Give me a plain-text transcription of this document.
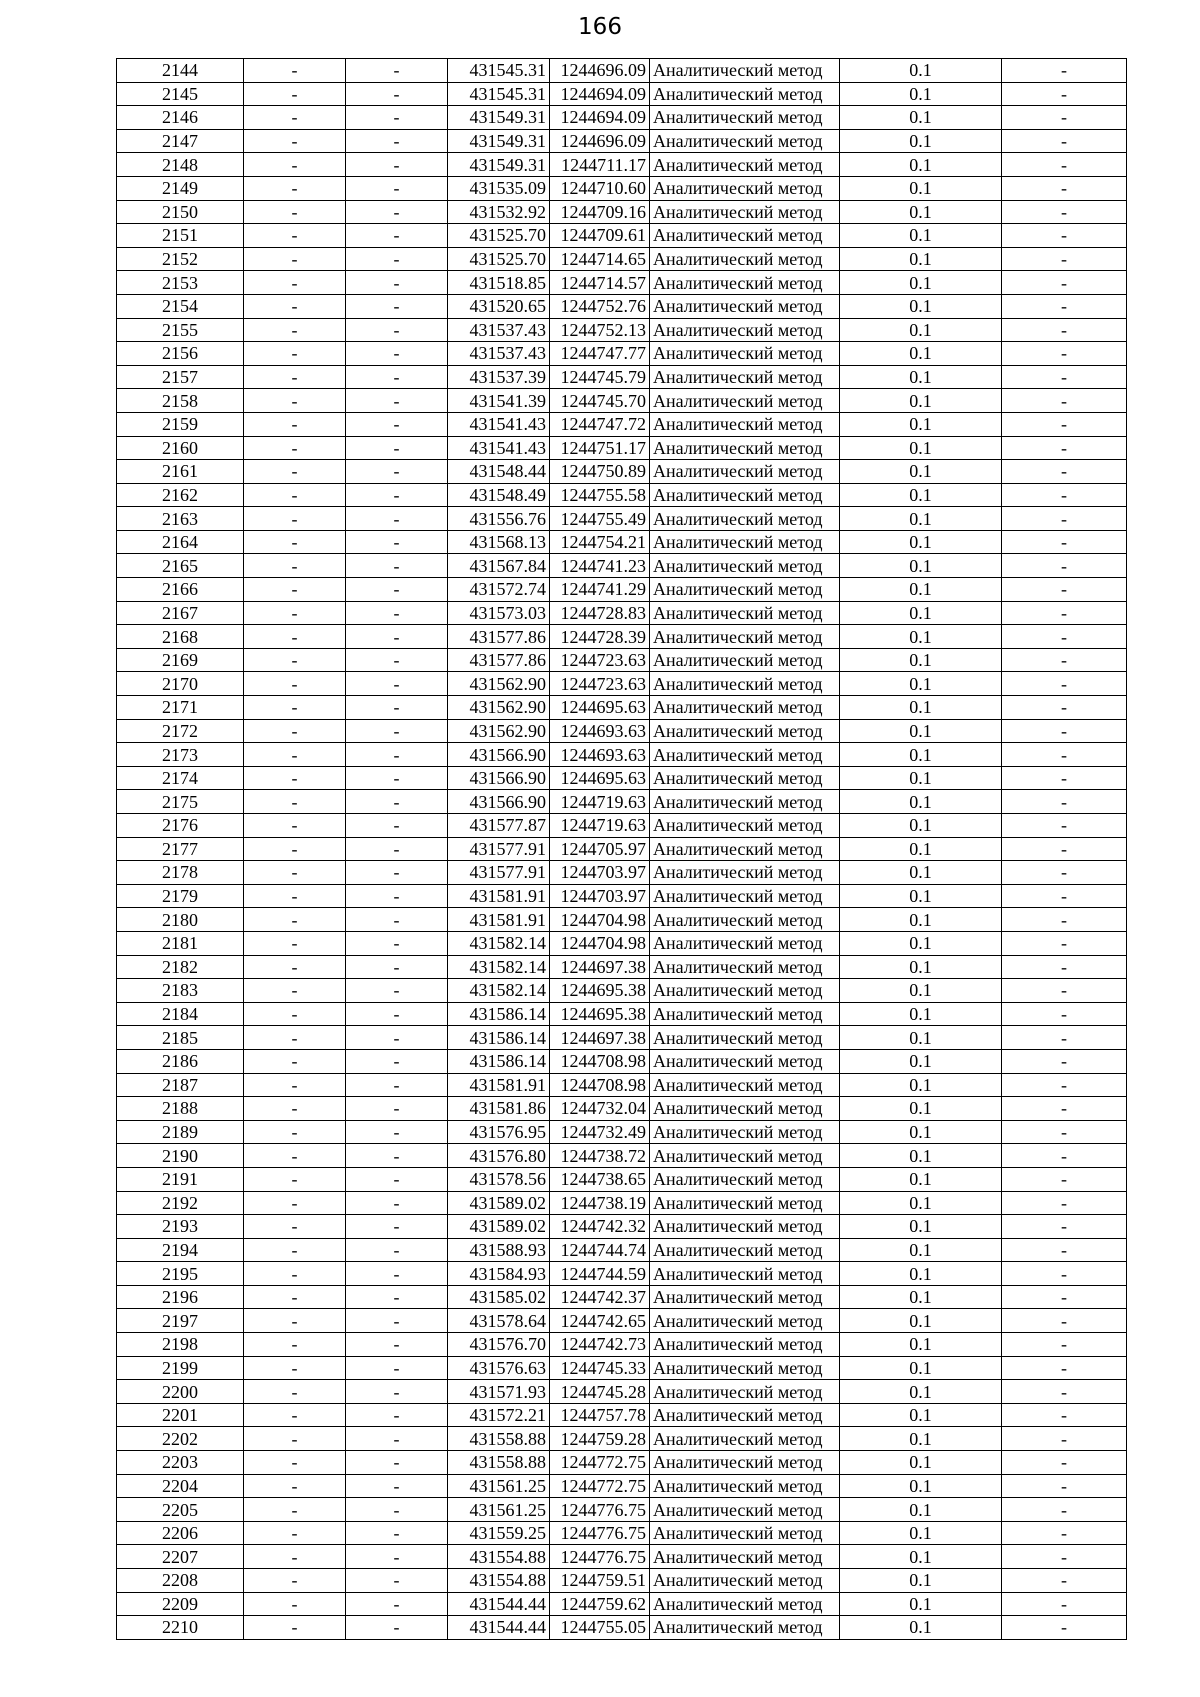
166
2144	-	-	431545.31	1244696.09	Аналитический метод	0.1	-
2145	-	-	431545.31	1244694.09	Аналитический метод	0.1	-
2146	-	-	431549.31	1244694.09	Аналитический метод	0.1	-
2147	-	-	431549.31	1244696.09	Аналитический метод	0.1	-
2148	-	-	431549.31	1244711.17	Аналитический метод	0.1	-
2149	-	-	431535.09	1244710.60	Аналитический метод	0.1	-
2150	-	-	431532.92	1244709.16	Аналитический метод	0.1	-
2151	-	-	431525.70	1244709.61	Аналитический метод	0.1	-
2152	-	-	431525.70	1244714.65	Аналитический метод	0.1	-
2153	-	-	431518.85	1244714.57	Аналитический метод	0.1	-
2154	-	-	431520.65	1244752.76	Аналитический метод	0.1	-
2155	-	-	431537.43	1244752.13	Аналитический метод	0.1	-
2156	-	-	431537.43	1244747.77	Аналитический метод	0.1	-
2157	-	-	431537.39	1244745.79	Аналитический метод	0.1	-
2158	-	-	431541.39	1244745.70	Аналитический метод	0.1	-
2159	-	-	431541.43	1244747.72	Аналитический метод	0.1	-
2160	-	-	431541.43	1244751.17	Аналитический метод	0.1	-
2161	-	-	431548.44	1244750.89	Аналитический метод	0.1	-
2162	-	-	431548.49	1244755.58	Аналитический метод	0.1	-
2163	-	-	431556.76	1244755.49	Аналитический метод	0.1	-
2164	-	-	431568.13	1244754.21	Аналитический метод	0.1	-
2165	-	-	431567.84	1244741.23	Аналитический метод	0.1	-
2166	-	-	431572.74	1244741.29	Аналитический метод	0.1	-
2167	-	-	431573.03	1244728.83	Аналитический метод	0.1	-
2168	-	-	431577.86	1244728.39	Аналитический метод	0.1	-
2169	-	-	431577.86	1244723.63	Аналитический метод	0.1	-
2170	-	-	431562.90	1244723.63	Аналитический метод	0.1	-
2171	-	-	431562.90	1244695.63	Аналитический метод	0.1	-
2172	-	-	431562.90	1244693.63	Аналитический метод	0.1	-
2173	-	-	431566.90	1244693.63	Аналитический метод	0.1	-
2174	-	-	431566.90	1244695.63	Аналитический метод	0.1	-
2175	-	-	431566.90	1244719.63	Аналитический метод	0.1	-
2176	-	-	431577.87	1244719.63	Аналитический метод	0.1	-
2177	-	-	431577.91	1244705.97	Аналитический метод	0.1	-
2178	-	-	431577.91	1244703.97	Аналитический метод	0.1	-
2179	-	-	431581.91	1244703.97	Аналитический метод	0.1	-
2180	-	-	431581.91	1244704.98	Аналитический метод	0.1	-
2181	-	-	431582.14	1244704.98	Аналитический метод	0.1	-
2182	-	-	431582.14	1244697.38	Аналитический метод	0.1	-
2183	-	-	431582.14	1244695.38	Аналитический метод	0.1	-
2184	-	-	431586.14	1244695.38	Аналитический метод	0.1	-
2185	-	-	431586.14	1244697.38	Аналитический метод	0.1	-
2186	-	-	431586.14	1244708.98	Аналитический метод	0.1	-
2187	-	-	431581.91	1244708.98	Аналитический метод	0.1	-
2188	-	-	431581.86	1244732.04	Аналитический метод	0.1	-
2189	-	-	431576.95	1244732.49	Аналитический метод	0.1	-
2190	-	-	431576.80	1244738.72	Аналитический метод	0.1	-
2191	-	-	431578.56	1244738.65	Аналитический метод	0.1	-
2192	-	-	431589.02	1244738.19	Аналитический метод	0.1	-
2193	-	-	431589.02	1244742.32	Аналитический метод	0.1	-
2194	-	-	431588.93	1244744.74	Аналитический метод	0.1	-
2195	-	-	431584.93	1244744.59	Аналитический метод	0.1	-
2196	-	-	431585.02	1244742.37	Аналитический метод	0.1	-
2197	-	-	431578.64	1244742.65	Аналитический метод	0.1	-
2198	-	-	431576.70	1244742.73	Аналитический метод	0.1	-
2199	-	-	431576.63	1244745.33	Аналитический метод	0.1	-
2200	-	-	431571.93	1244745.28	Аналитический метод	0.1	-
2201	-	-	431572.21	1244757.78	Аналитический метод	0.1	-
2202	-	-	431558.88	1244759.28	Аналитический метод	0.1	-
2203	-	-	431558.88	1244772.75	Аналитический метод	0.1	-
2204	-	-	431561.25	1244772.75	Аналитический метод	0.1	-
2205	-	-	431561.25	1244776.75	Аналитический метод	0.1	-
2206	-	-	431559.25	1244776.75	Аналитический метод	0.1	-
2207	-	-	431554.88	1244776.75	Аналитический метод	0.1	-
2208	-	-	431554.88	1244759.51	Аналитический метод	0.1	-
2209	-	-	431544.44	1244759.62	Аналитический метод	0.1	-
2210	-	-	431544.44	1244755.05	Аналитический метод	0.1	-
